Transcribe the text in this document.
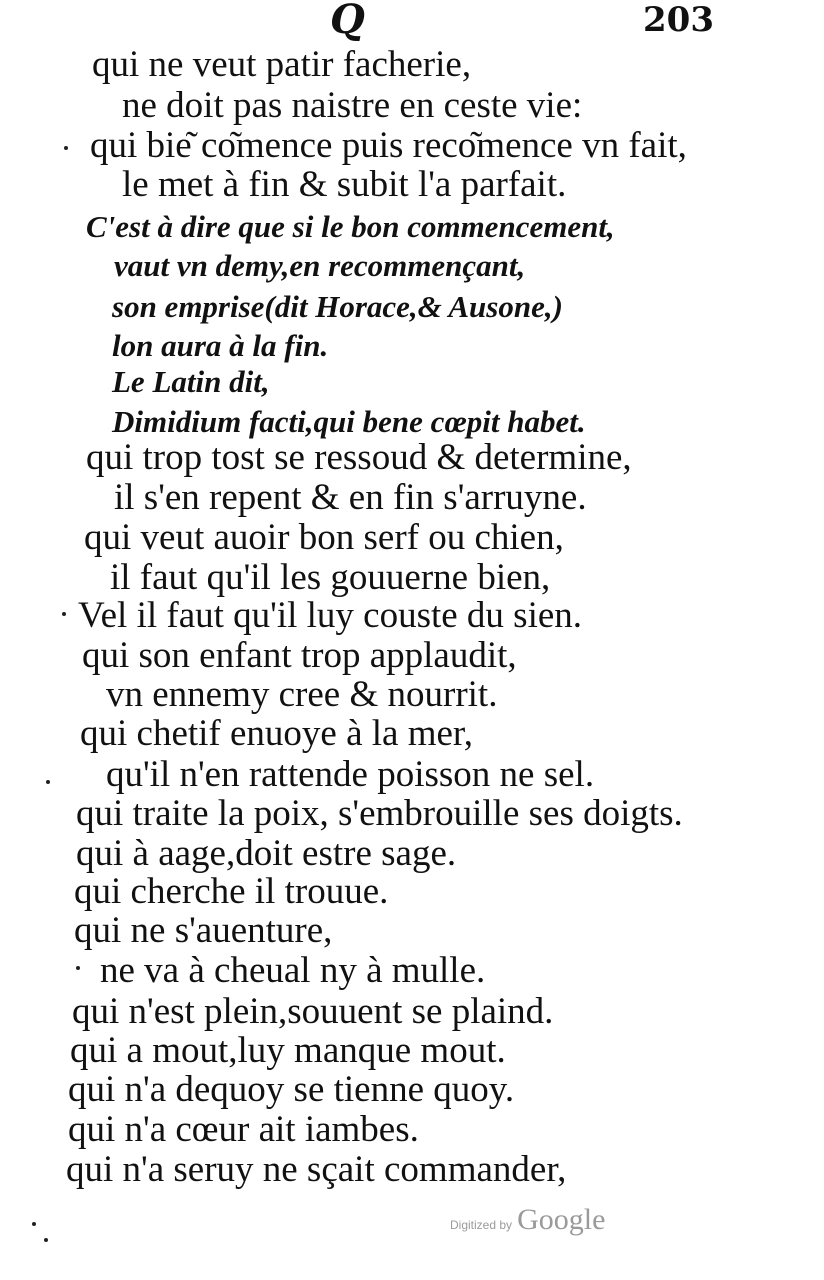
Q	203
qui ne veut patir facherie,
ne doit pas naistre en ceste vie:
qui bie͂ co͂mence puis reco͂mence vn fait,
le met à fin & subit l'a parfait.
C'est à dire que si le bon commencement,
vaut vn demy,en recommençant,
son emprise(dit Horace,& Ausone,)
lon aura à la fin.
Le Latin dit,
Dimidium facti,qui bene cœpit habet.
qui trop tost se ressoud & determine,
il s'en repent & en fin s'arruyne.
qui veut auoir bon serf ou chien,
il faut qu'il les gouuerne bien,
Vel il faut qu'il luy couste du sien.
qui son enfant trop applaudit,
vn ennemy cree & nourrit.
qui chetif enuoye à la mer,
qu'il n'en rattende poisson ne sel.
qui traite la poix, s'embrouille ses doigts.
qui à aage,doit estre sage.
qui cherche il trouue.
qui ne s'auenture,
ne va à cheual ny à mulle.
qui n'est plein,souuent se plaind.
qui a mout,luy manque mout.
qui n'a dequoy se tienne quoy.
qui n'a cœur ait iambes.
qui n'a seruy ne sçait commander,
Digitized by Google
